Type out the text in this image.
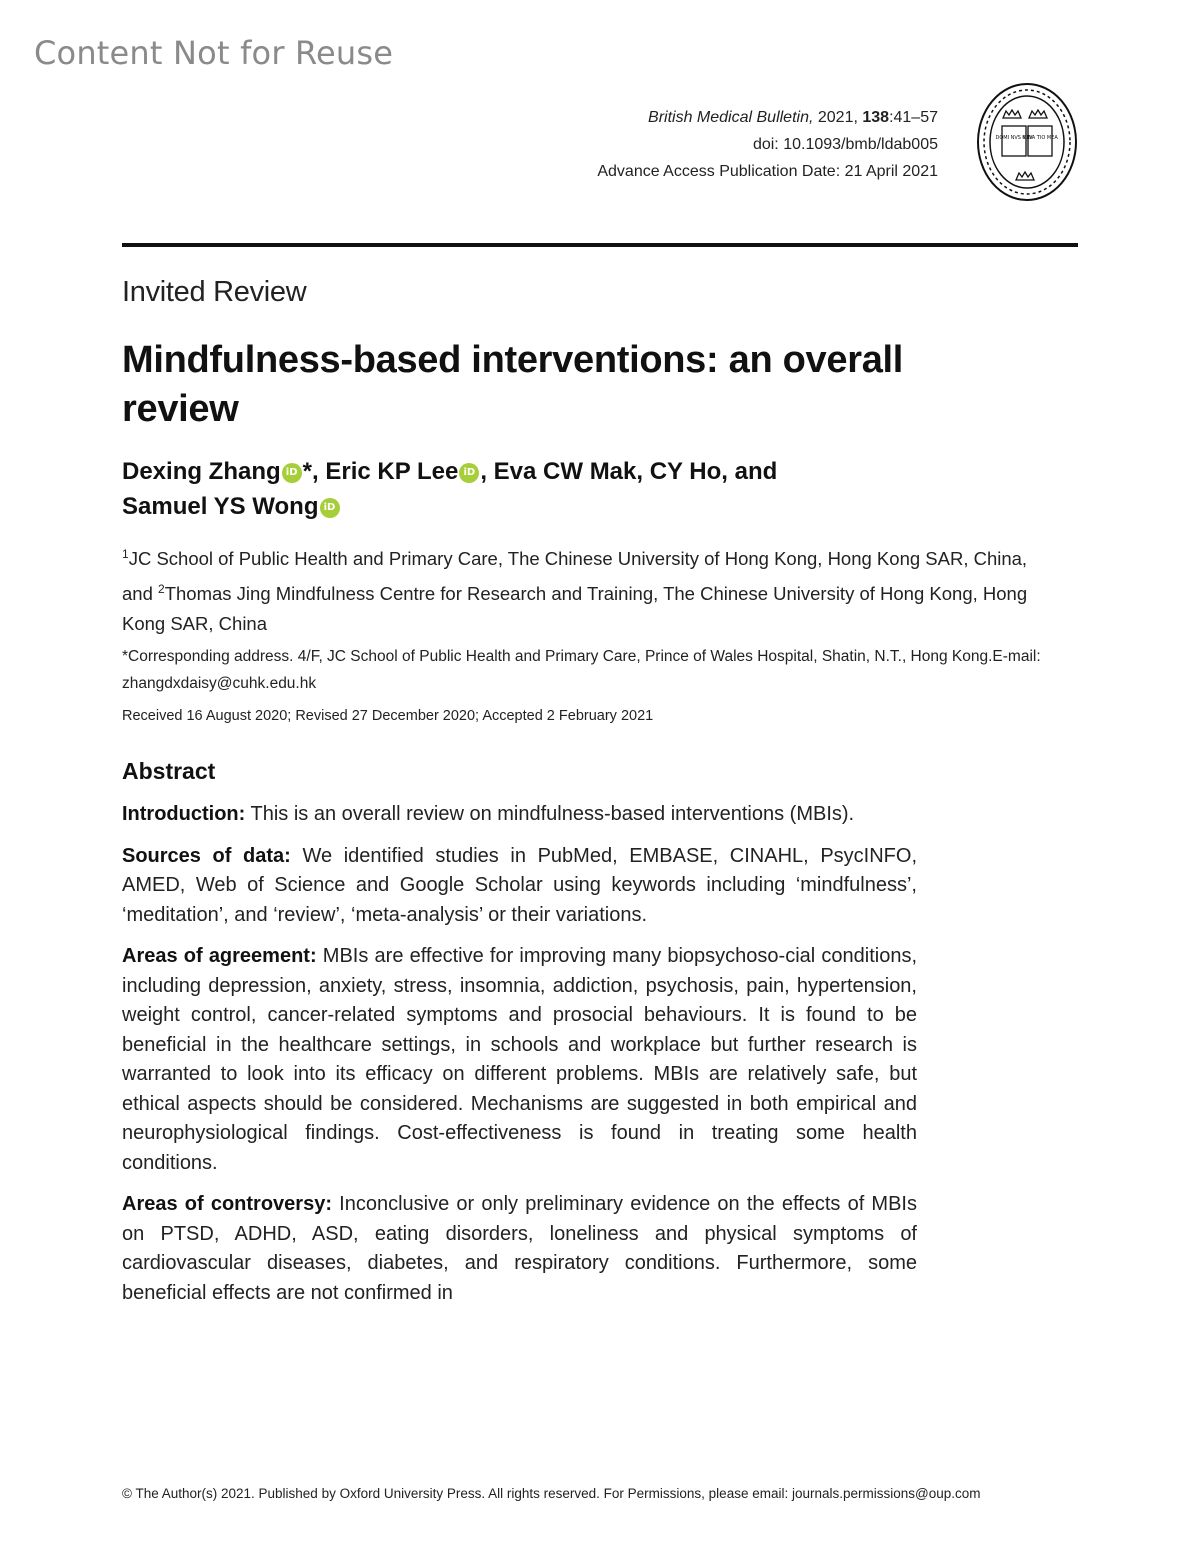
Content Not for Reuse
British Medical Bulletin, 2021, 138:41–57
doi: 10.1093/bmb/ldab005
Advance Access Publication Date: 21 April 2021
DOMI NVS ILLV
MINA TIO MEA
Invited Review
Mindfulness-based interventions: an overall review
Dexing Zhang iD *, Eric KP Lee iD , Eva CW Mak, CY Ho, and
Samuel YS Wong iD
$^1$JC School of Public Health and Primary Care, The Chinese University of Hong Kong, Hong Kong SAR, China, and $^2$Thomas Jing Mindfulness Centre for Research and Training, The Chinese University of Hong Kong, Hong Kong SAR, China
*Corresponding address. 4/F, JC School of Public Health and Primary Care, Prince of Wales Hospital, Shatin, N.T., Hong Kong.E-mail: zhangdxdaisy@cuhk.edu.hk
Received 16 August 2020; Revised 27 December 2020; Accepted 2 February 2021
Abstract

Introduction: This is an overall review on mindfulness-based interventions (MBIs).

Sources of data: We identified studies in PubMed, EMBASE, CINAHL, PsycINFO, AMED, Web of Science and Google Scholar using keywords including ‘mindfulness’, ‘meditation’, and ‘review’, ‘meta-analysis’ or their variations.

Areas of agreement: MBIs are effective for improving many biopsychoso-cial conditions, including depression, anxiety, stress, insomnia, addiction, psychosis, pain, hypertension, weight control, cancer-related symptoms and prosocial behaviours. It is found to be beneficial in the healthcare settings, in schools and workplace but further research is warranted to look into its efficacy on different problems. MBIs are relatively safe, but ethical aspects should be considered. Mechanisms are suggested in both empirical and neurophysiological findings. Cost-effectiveness is found in treating some health conditions.

Areas of controversy: Inconclusive or only preliminary evidence on the effects of MBIs on PTSD, ADHD, ASD, eating disorders, loneliness and physical symptoms of cardiovascular diseases, diabetes, and respiratory conditions. Furthermore, some beneficial effects are not confirmed in

© The Author(s) 2021. Published by Oxford University Press. All rights reserved. For Permissions, please email: journals.permissions@oup.com
